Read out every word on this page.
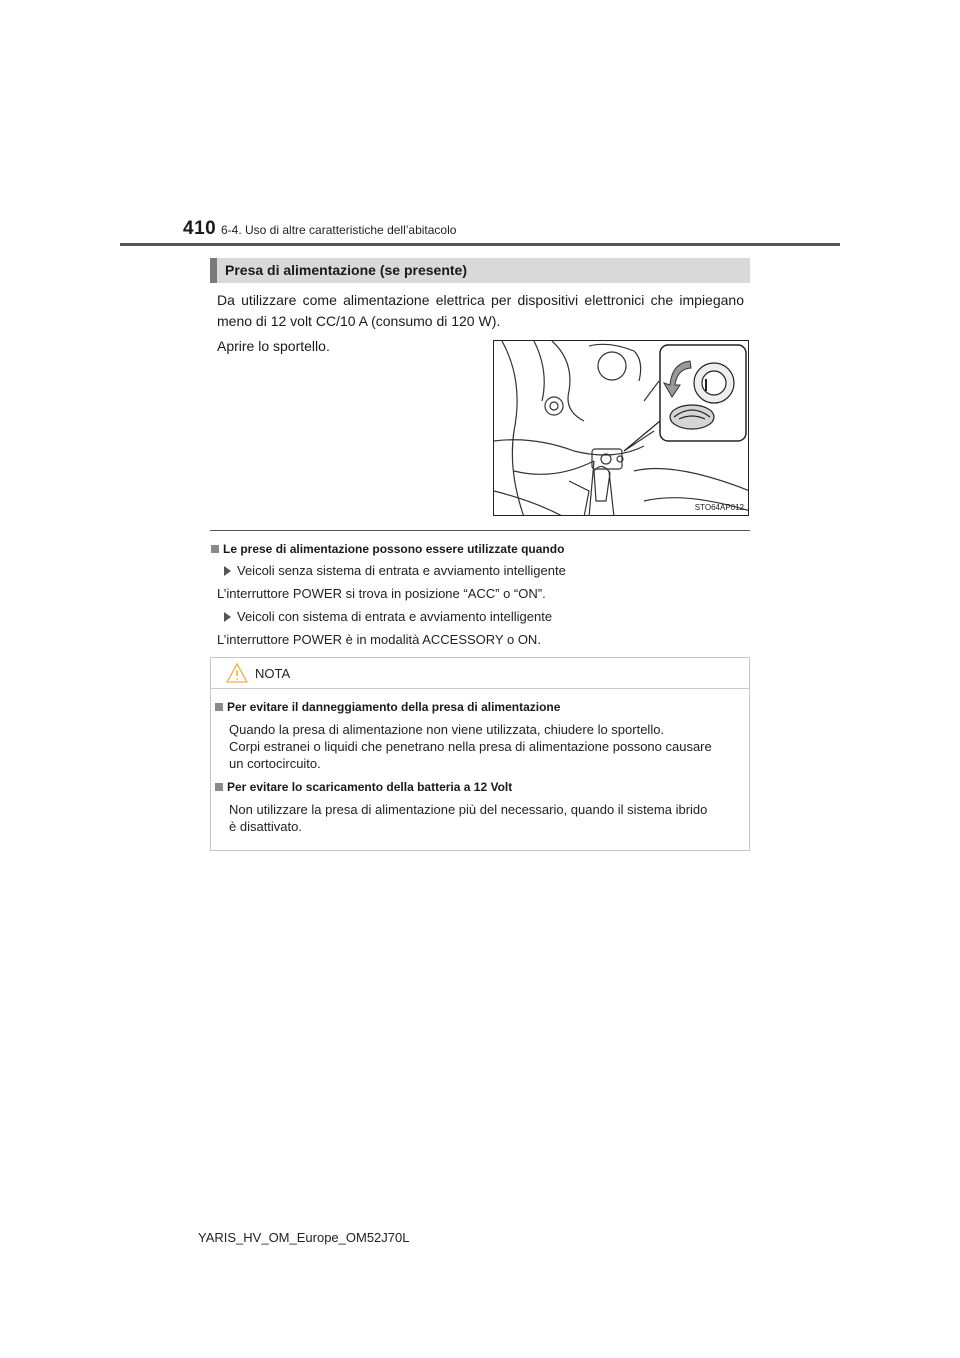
410 6-4. Uso di altre caratteristiche dell’abitacolo
Presa di alimentazione (se presente)
Da utilizzare come alimentazione elettrica per dispositivi elettronici che impiegano meno di 12 volt CC/10 A (consumo di 120 W).
Aprire lo sportello.
STO64AP012
Le prese di alimentazione possono essere utilizzate quando
Veicoli senza sistema di entrata e avviamento intelligente
L’interruttore POWER si trova in posizione “ACC” o “ON”.
Veicoli con sistema di entrata e avviamento intelligente
L’interruttore POWER è in modalità ACCESSORY o ON.
NOTA
Per evitare il danneggiamento della presa di alimentazione
Quando la presa di alimentazione non viene utilizzata, chiudere lo sportello.
Corpi estranei o liquidi che penetrano nella presa di alimentazione possono causare
un cortocircuito.
Per evitare lo scaricamento della batteria a 12 Volt
Non utilizzare la presa di alimentazione più del necessario, quando il sistema ibrido
è disattivato.
YARIS_HV_OM_Europe_OM52J70L
